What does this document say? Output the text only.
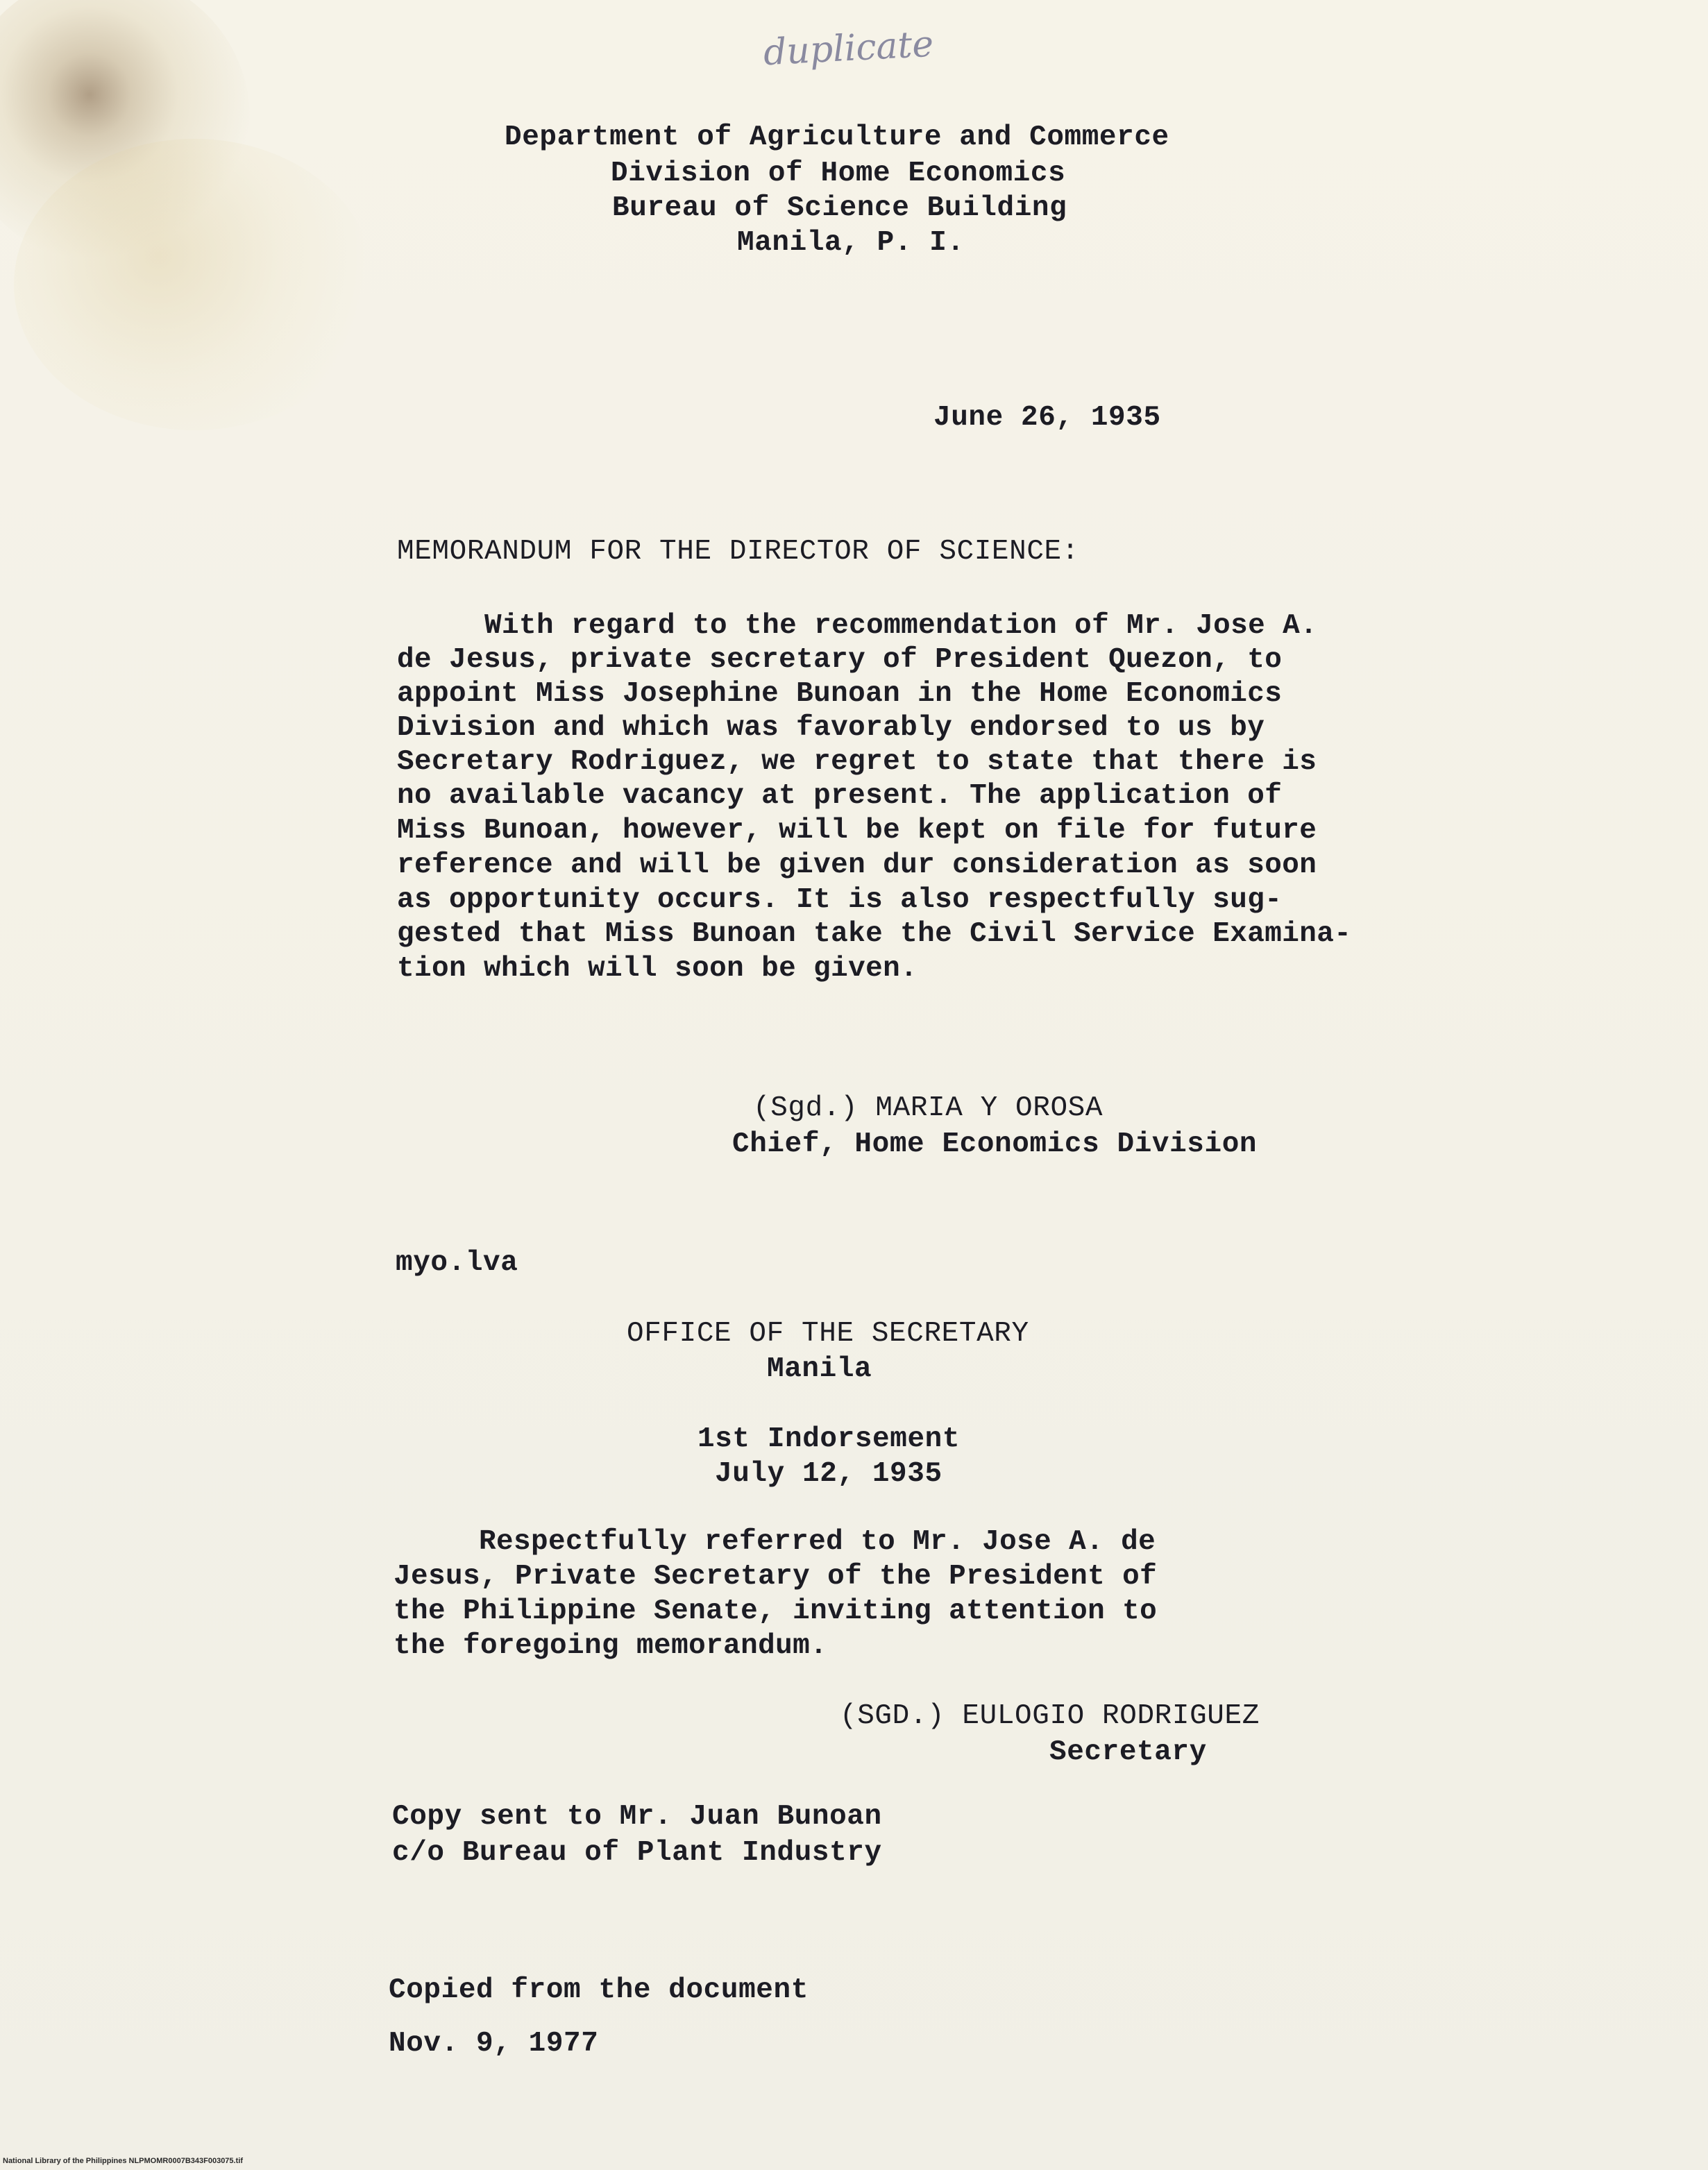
duplicate
Department of Agriculture and Commerce
Division of Home Economics
Bureau of Science Building
Manila, P. I.
June 26, 1935
MEMORANDUM FOR THE DIRECTOR OF SCIENCE:
With regard to the recommendation of Mr. Jose A.
de Jesus, private secretary of President Quezon, to
appoint Miss Josephine Bunoan in the Home Economics
Division and which was favorably endorsed to us by
Secretary Rodriguez, we regret to state that there is
no available vacancy at present. The application of
Miss Bunoan, however, will be kept on file for future
reference and will be given dur consideration as soon
as opportunity occurs. It is also respectfully sug-
gested that Miss Bunoan take the Civil Service Examina-
tion which will soon be given.
(Sgd.) MARIA Y OROSA
Chief, Home Economics Division
myo.lva
OFFICE OF THE SECRETARY
Manila
1st Indorsement
July 12, 1935
Respectfully referred to Mr. Jose A. de
Jesus, Private Secretary of the President of
the Philippine Senate, inviting attention to
the foregoing memorandum.
(SGD.) EULOGIO RODRIGUEZ
Secretary
Copy sent to Mr. Juan Bunoan
c/o Bureau of Plant Industry
Copied from the document
Nov. 9, 1977
National Library of the Philippines NLPMOMR0007B343F003075.tif
